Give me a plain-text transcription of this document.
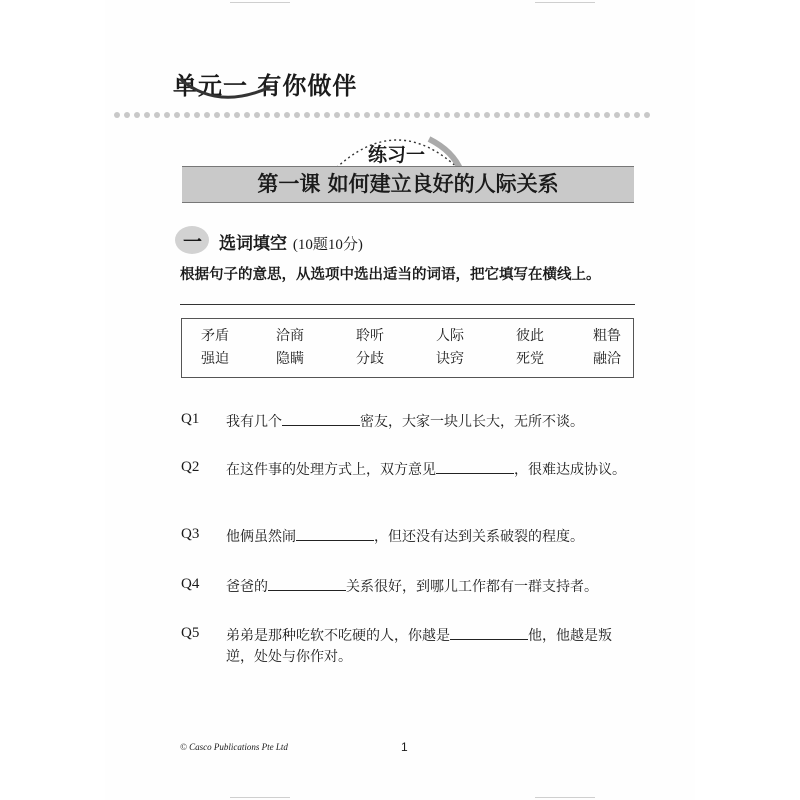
单元一 有你做伴
练习一
第一课 如何建立良好的人际关系
一 选词填空 (10题10分)
根据句子的意思，从选项中选出适当的词语，把它填写在横线上。
矛盾	洽商	聆听	人际	彼此	粗鲁
强迫	隐瞒	分歧	诀窍	死党	融洽
Q1 我有几个	密友，大家一块儿长大，无所不谈。
Q2 在这件事的处理方式上，双方意见	，很难达成协议。
Q3 他俩虽然闹	，但还没有达到关系破裂的程度。
Q4 爸爸的	关系很好，到哪儿工作都有一群支持者。
Q5 弟弟是那种吃软不吃硬的人，你越是	他，他越是叛逆，处处与你作对。
© Casco Publications Pte Ltd	1
